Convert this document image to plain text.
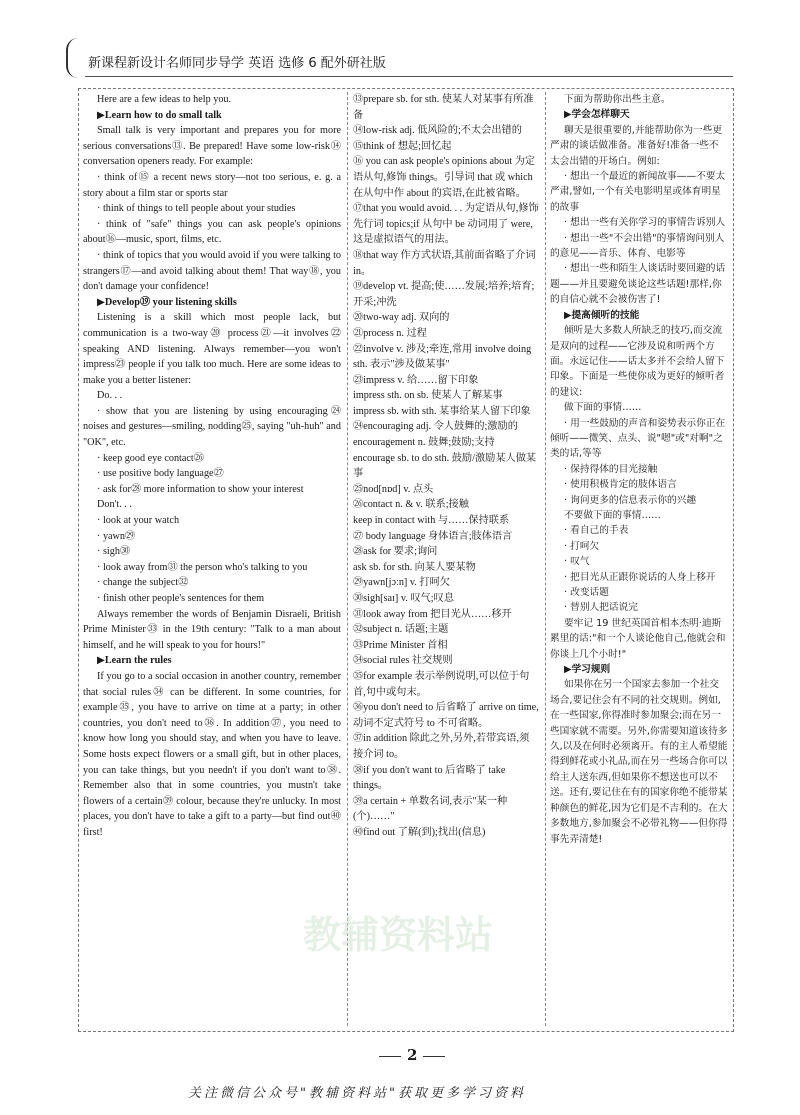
新课程新设计名师同步导学 英语 选修 6 配外研社版
教辅资料站

Here are a few ideas to help you.

▶Learn how to do small talk

Small talk is very important and prepares you for more serious conversations⑬. Be prepared! Have some low-risk⑭ conversation openers ready. For example:

· think of⑮ a recent news story—not too serious, e. g. a story about a film star or sports star

· think of things to tell people about your studies

· think of "safe" things you can ask people's opinions about⑯—music, sport, films, etc.

· think of topics that you would avoid if you were talking to strangers⑰—and avoid talking about them! That way⑱, you don't damage your confidence!

▶Develop⑲ your listening skills

Listening is a skill which most people lack, but communication is a two-way⑳ process㉑—it involves㉒ speaking AND listening. Always remember—you won't impress㉓ people if you talk too much. Here are some ideas to make you a better listener:

Do. . .

· show that you are listening by using encouraging㉔ noises and gestures—smiling, nodding㉕, saying "uh-huh" and "OK", etc.

· keep good eye contact㉖

· use positive body language㉗

· ask for㉘ more information to show your interest

Don't. . .

· look at your watch

· yawn㉙

· sigh㉚

· look away from㉛ the person who's talking to you

· change the subject㉜

· finish other people's sentences for them

Always remember the words of Benjamin Disraeli, British Prime Minister㉝ in the 19th century: "Talk to a man about himself, and he will speak to you for hours!"

▶Learn the rules

If you go to a social occasion in another country, remember that social rules㉞ can be different. In some countries, for example㉟, you have to arrive on time at a party; in other countries, you don't need to㊱. In addition㊲, you need to know how long you should stay, and when you have to leave. Some hosts expect flowers or a small gift, but in other places, you can take things, but you needn't if you don't want to㊳. Remember also that in some countries, you mustn't take flowers of a certain㊴ colour, because they're unlucky. In most places, you don't have to take a gift to a party—but find out㊵ first!

⑬prepare sb. for sth. 使某人对某事有所准备

⑭low-risk adj. 低风险的;不太会出错的⑮think of 想起;回忆起

⑯ you can ask people's opinions about 为定语从句,修饰 things。引导词 that 或 which 在从句中作 about 的宾语,在此被省略。

⑰that you would avoid. . . 为定语从句,修饰先行词 topics;if 从句中 be 动词用了 were,这是虚拟语气的用法。

⑱that way 作方式状语,其前面省略了介词 in。

⑲develop vt. 提高;使……发展;培养;培育;开采;冲洗

⑳two-way adj. 双向的

㉑process n. 过程

㉒involve v. 涉及;牵连,常用 involve doing sth. 表示"涉及做某事"

㉓impress v. 给……留下印象

impress sth. on sb. 使某人了解某事

impress sb. with sth. 某事给某人留下印象

㉔encouraging adj. 令人鼓舞的;激励的

encouragement n. 鼓舞;鼓励;支持

encourage sb. to do sth. 鼓励/激励某人做某事

㉕nod[nɒd] v. 点头

㉖contact n. & v. 联系;接触

keep in contact with 与……保持联系

㉗ body language 身体语言;肢体语言

㉘ask for 要求;询问

ask sb. for sth. 向某人要某物

㉙yawn[jɔːn] v. 打呵欠

㉚sigh[saɪ] v. 叹气;叹息

㉛look away from 把目光从……移开

㉜subject n. 话题;主题

㉝Prime Minister 首相

㉞social rules 社交规则

㉟for example 表示举例说明,可以位于句首,句中或句末。

㊱you don't need to 后省略了 arrive on time,动词不定式符号 to 不可省略。

㊲in addition 除此之外,另外,若带宾语,须接介词 to。

㊳if you don't want to 后省略了 take things。

㊴a certain + 单数名词,表示"某一种(个)……"

㊵find out 了解(到);找出(信息)

下面为帮助你出些主意。

▶学会怎样聊天

聊天是很重要的,并能帮助你为一些更严肃的谈话做准备。准备好!准备一些不太会出错的开场白。例如:

· 想出一个最近的新闻故事——不要太严肃,譬如,一个有关电影明星或体育明星的故事

· 想出一些有关你学习的事情告诉别人

· 想出一些"不会出错"的事情询问别人的意见——音乐、体育、电影等

· 想出一些和陌生人谈话时要回避的话题——并且要避免谈论这些话题!那样,你的自信心就不会被伤害了!

▶提高倾听的技能

倾听是大多数人所缺乏的技巧,而交流是双向的过程——它涉及说和听两个方面。永远记住——话太多并不会给人留下印象。下面是一些使你成为更好的倾听者的建议:

做下面的事情……

· 用一些鼓励的声音和姿势表示你正在倾听——微笑、点头、说"嗯"或"对啊"之类的话,等等

· 保持得体的目光接触

· 使用积极肯定的肢体语言

· 询问更多的信息表示你的兴趣

不要做下面的事情……

· 看自己的手表

· 打呵欠

· 叹气

· 把目光从正跟你说话的人身上移开

· 改变话题

· 替别人把话说完

要牢记 19 世纪英国首相本杰明·迪斯累里的话:"和一个人谈论他自己,他就会和你谈上几个小时!"

▶学习规则

如果你在另一个国家去参加一个社交场合,要记住会有不同的社交规则。例如,在一些国家,你得准时参加聚会;而在另一些国家就不需要。另外,你需要知道该待多久,以及在何时必须离开。有的主人希望能得到鲜花或小礼品,而在另一些场合你可以给主人送东西,但如果你不想送也可以不送。还有,要记住在有的国家你绝不能带某种颜色的鲜花,因为它们是不吉利的。在大多数地方,参加聚会不必带礼物——但你得事先弄清楚!

2
关注微信公众号"教辅资料站"获取更多学习资料
